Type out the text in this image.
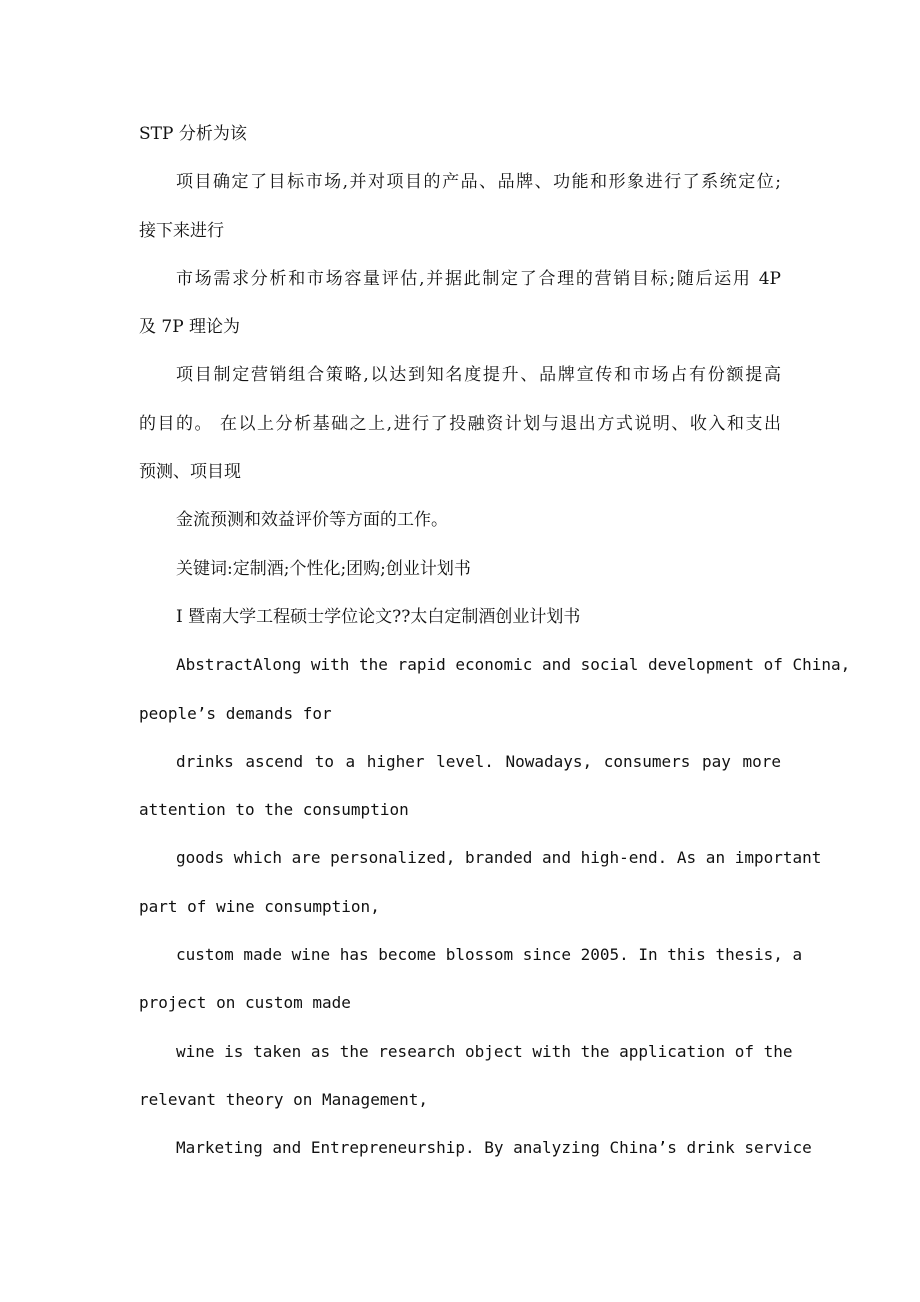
STP 分析为该

项目确定了目标市场,并对项目的产品、品牌、功能和形象进行了系统定位;
接下来进行

市场需求分析和市场容量评估,并据此制定了合理的营销目标;随后运用 4P
及 7P 理论为

项目制定营销组合策略,以达到知名度提升、品牌宣传和市场占有份额提高
的目的。 在以上分析基础之上,进行了投融资计划与退出方式说明、收入和支出
预测、项目现

金流预测和效益评价等方面的工作。

关键词:定制酒;个性化;团购;创业计划书

I 暨南大学工程硕士学位论文??太白定制酒创业计划书

AbstractAlong with the rapid economic and social development of China,
people’s demands for

drinks ascend to a higher level. Nowadays, consumers pay more
attention to the consumption

goods which are personalized, branded and high-end. As an important
part of wine consumption,

custom made wine has become blossom since 2005. In this thesis, a
project on custom made

wine is taken as the research object with the application of the
relevant theory on Management,

Marketing and Entrepreneurship. By analyzing China’s drink service
